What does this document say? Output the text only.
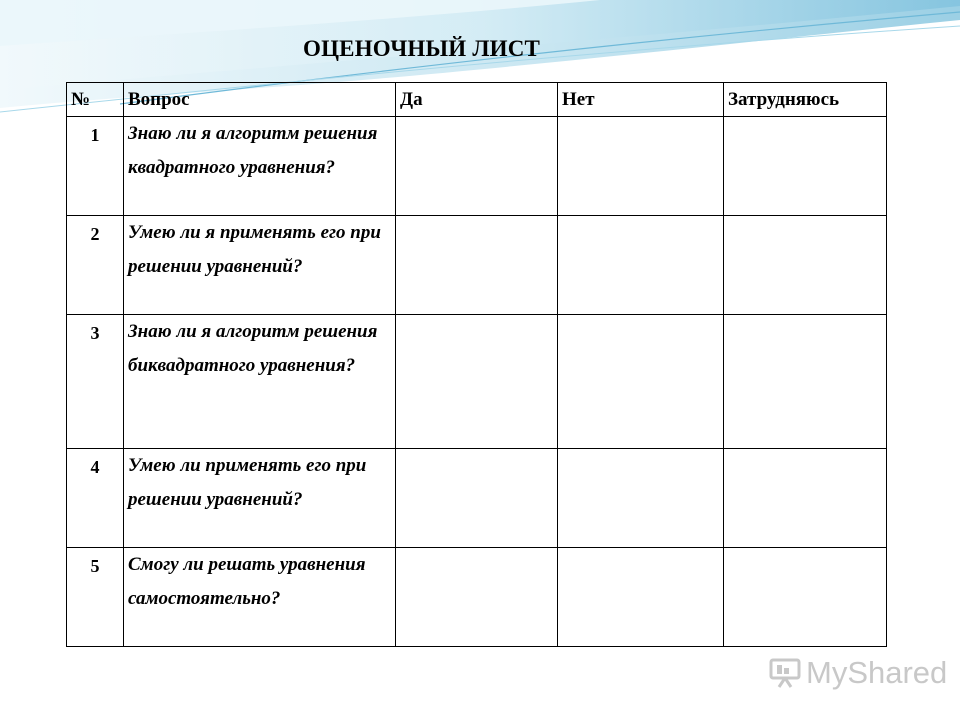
ОЦЕНОЧНЫЙ ЛИСТ
№	Вопрос	Да	Нет	Затрудняюсь
1	Знаю ли я алгоритм решения квадратного уравнения?			
2	Умею ли я применять его при решении уравнений?			
3	Знаю ли я алгоритм решения биквадратного уравнения?			
4	Умею ли применять его при решении уравнений?			
5	Смогу ли решать уравнения самостоятельно?			
MyShared
